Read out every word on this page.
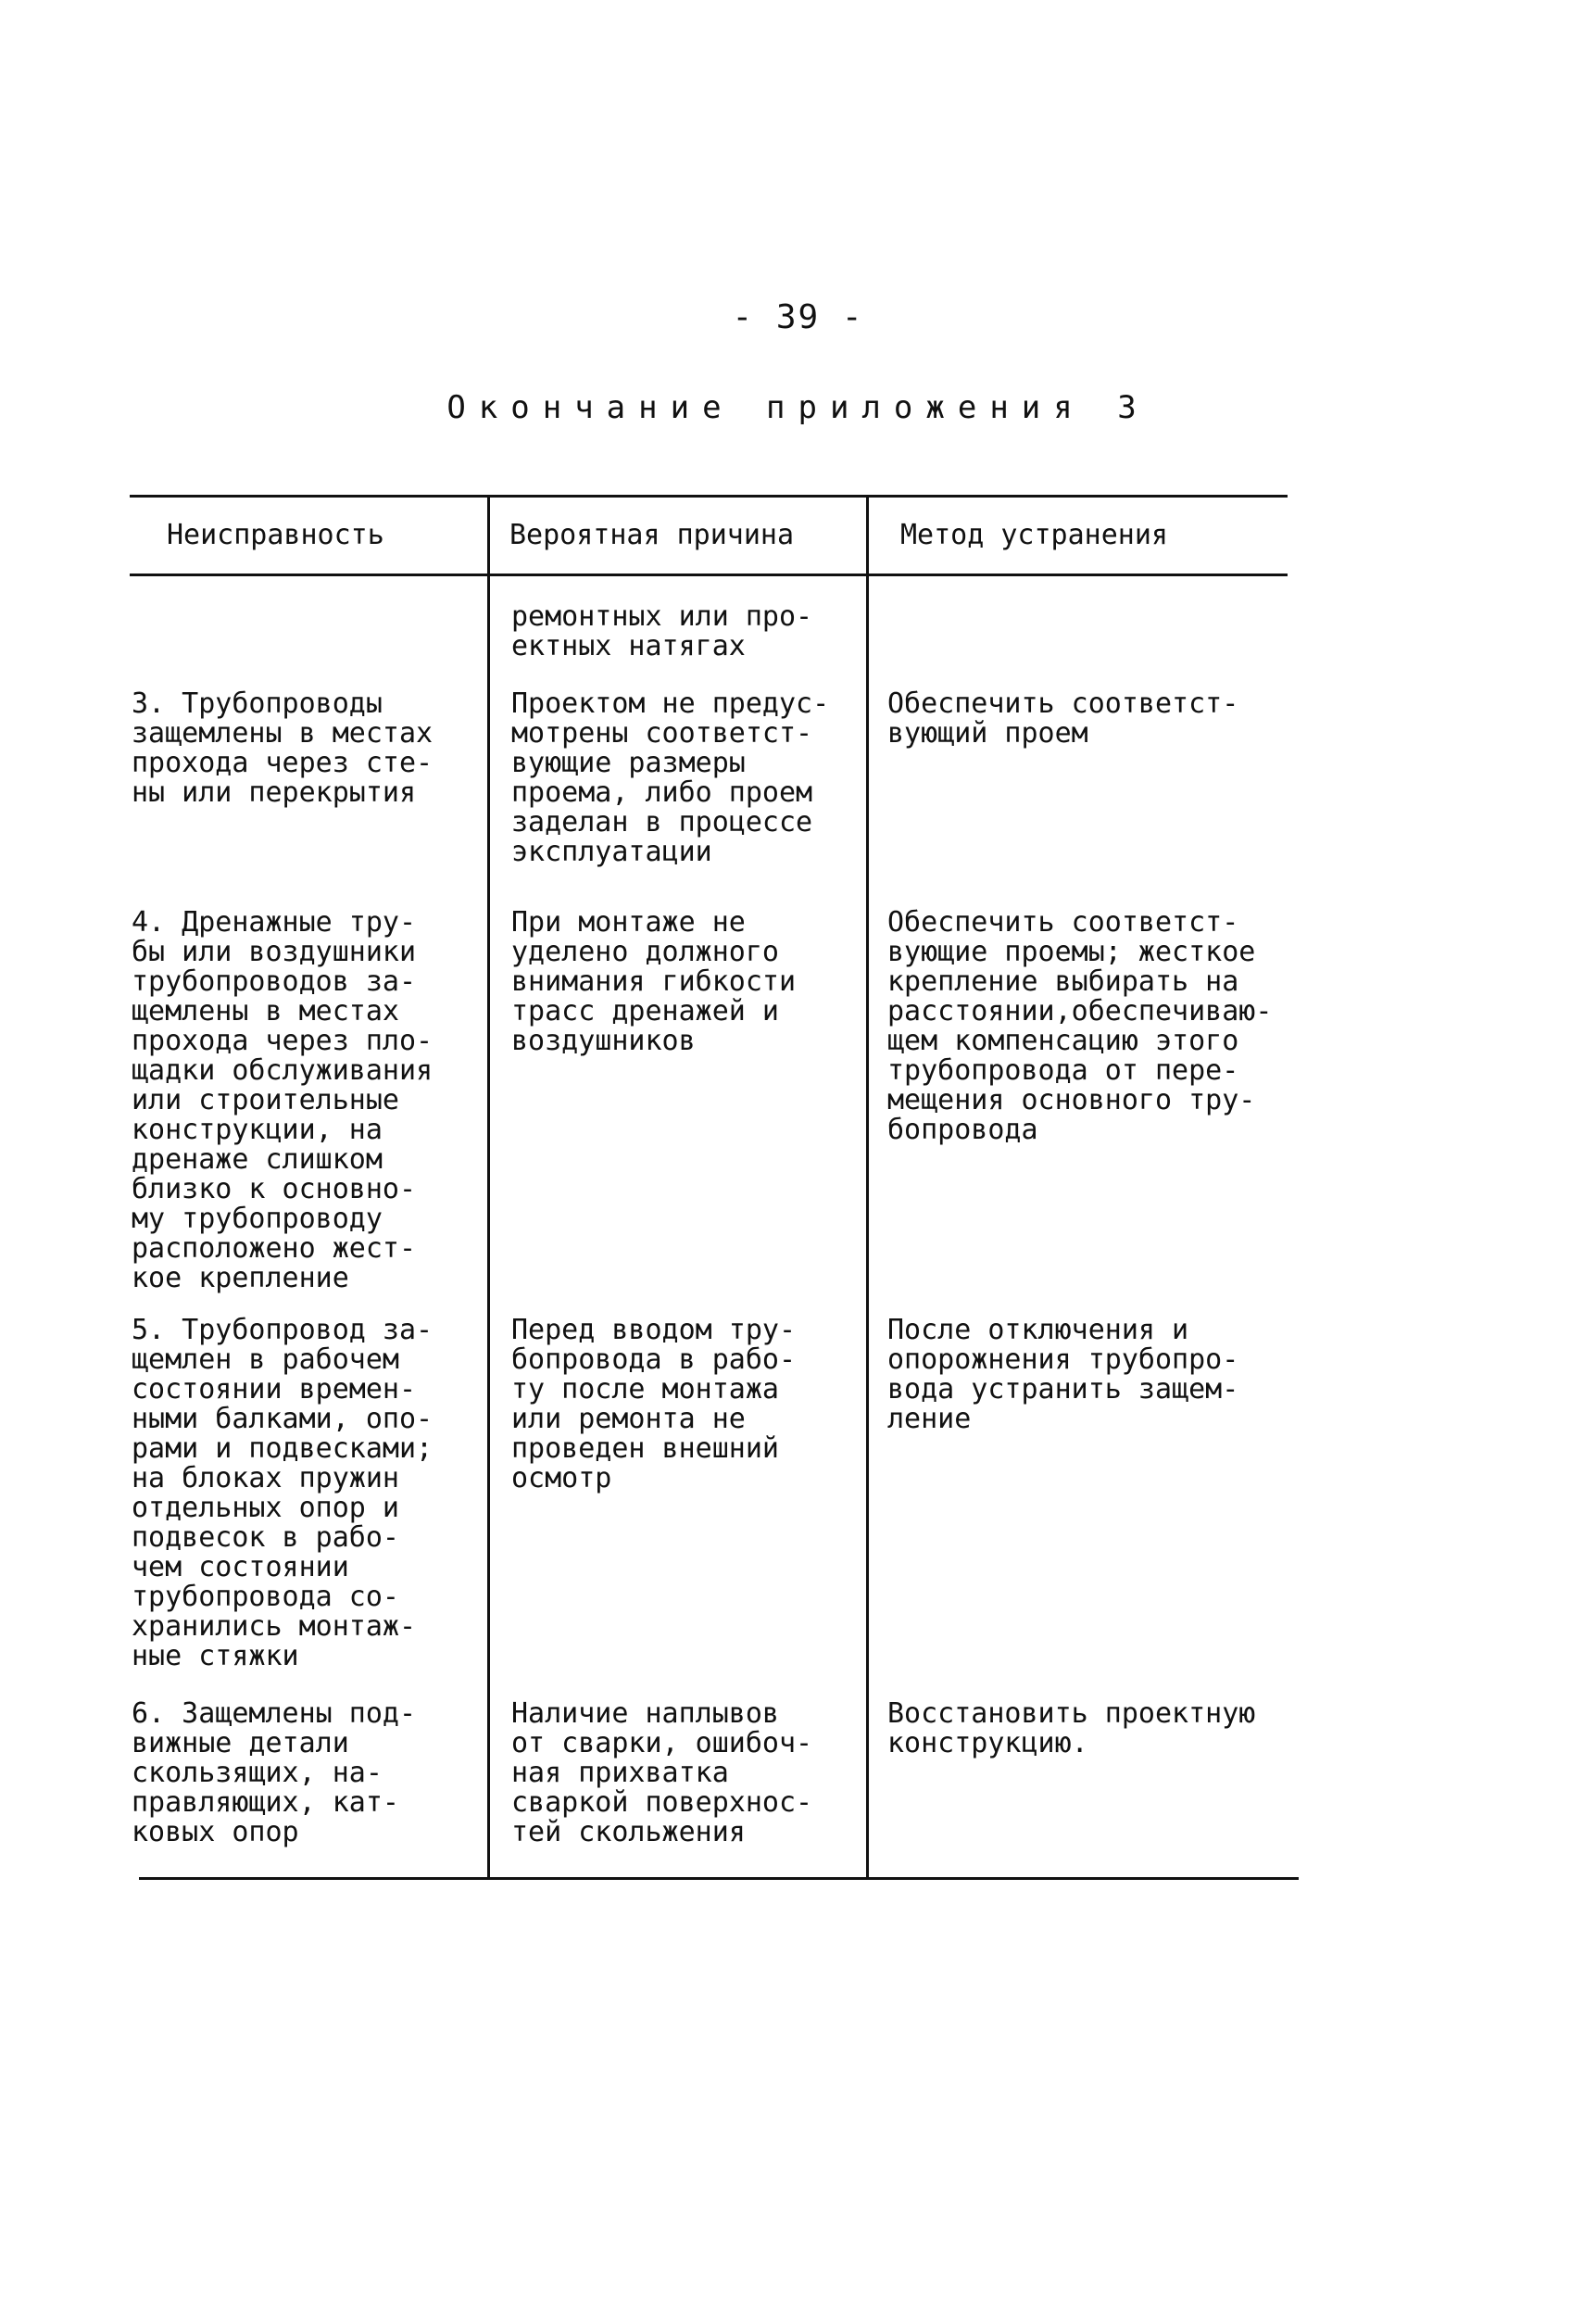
- 39 -
Окончание приложения 3
Неисправность	Вероятная причина	Метод устранения
ремонтных или про-
ектных натягах
3. Трубопроводы
защемлены в местах
прохода через сте-
ны или перекрытия
Проектом не предус-
мотрены соответст-
вующие размеры
проема, либо проем
заделан в процессе
эксплуатации
Обеспечить соответст-
вующий проем
4. Дренажные тру-
бы или воздушники
трубопроводов за-
щемлены в местах
прохода через пло-
щадки обслуживания
или строительные
конструкции, на
дренаже слишком
близко к основно-
му трубопроводу
расположено жест-
кое крепление
При монтаже не
уделено должного
внимания гибкости
трасс дренажей и
воздушников
Обеспечить соответст-
вующие проемы; жесткое
крепление выбирать на
расстоянии,обеспечиваю-
щем компенсацию этого
трубопровода от пере-
мещения основного тру-
бопровода
5. Трубопровод за-
щемлен в рабочем
состоянии времен-
ными балками, опо-
рами и подвесками;
на блоках пружин
отдельных опор и
подвесок в рабо-
чем состоянии
трубопровода со-
хранились монтаж-
ные стяжки
Перед вводом тру-
бопровода в рабо-
ту после монтажа
или ремонта не
проведен внешний
осмотр
После отключения и
опорожнения трубопро-
вода устранить защем-
ление
6. Защемлены под-
вижные детали
скользящих, на-
правляющих, кат-
ковых опор
Наличие наплывов
от сварки, ошибоч-
ная прихватка
сваркой поверхнос-
тей скольжения
Восстановить проектную
конструкцию.
